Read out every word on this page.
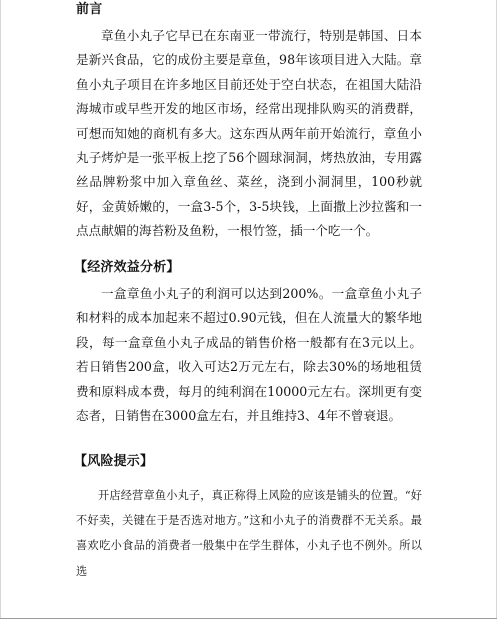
前言

章鱼小丸子它早已在东南亚一带流行，特别是韩国、日本是新兴食品，它的成份主要是章鱼，98年该项目进入大陆。章鱼小丸子项目在许多地区目前还处于空白状态，在祖国大陆沿海城市或早些开发的地区市场，经常出现排队购买的消费群，可想而知她的商机有多大。这东西从两年前开始流行，章鱼小丸子烤炉是一张平板上挖了56个圆球洞洞，烤热放油，专用露丝品牌粉浆中加入章鱼丝、菜丝，浇到小洞洞里，100秒就好，金黄娇嫩的，一盒3-5个，3-5块钱，上面撒上沙拉酱和一点点献媚的海苔粉及鱼粉，一根竹签，插一个吃一个。

【经济效益分析】

一盒章鱼小丸子的利润可以达到200%。一盒章鱼小丸子和材料的成本加起来不超过0.90元钱，但在人流量大的繁华地段，每一盒章鱼小丸子成品的销售价格一般都有在3元以上。若日销售200盒，收入可达2万元左右，除去30%的场地租赁费和原料成本费，每月的纯利润在10000元左右。深圳更有变态者，日销售在3000盒左右，并且维持3、4年不曾衰退。

【风险提示】

开店经营章鱼小丸子，真正称得上风险的应该是铺头的位置。“好不好卖，关键在于是否选对地方。”这和小丸子的消费群不无关系。最喜欢吃小食品的消费者一般集中在学生群体，小丸子也不例外。所以选
